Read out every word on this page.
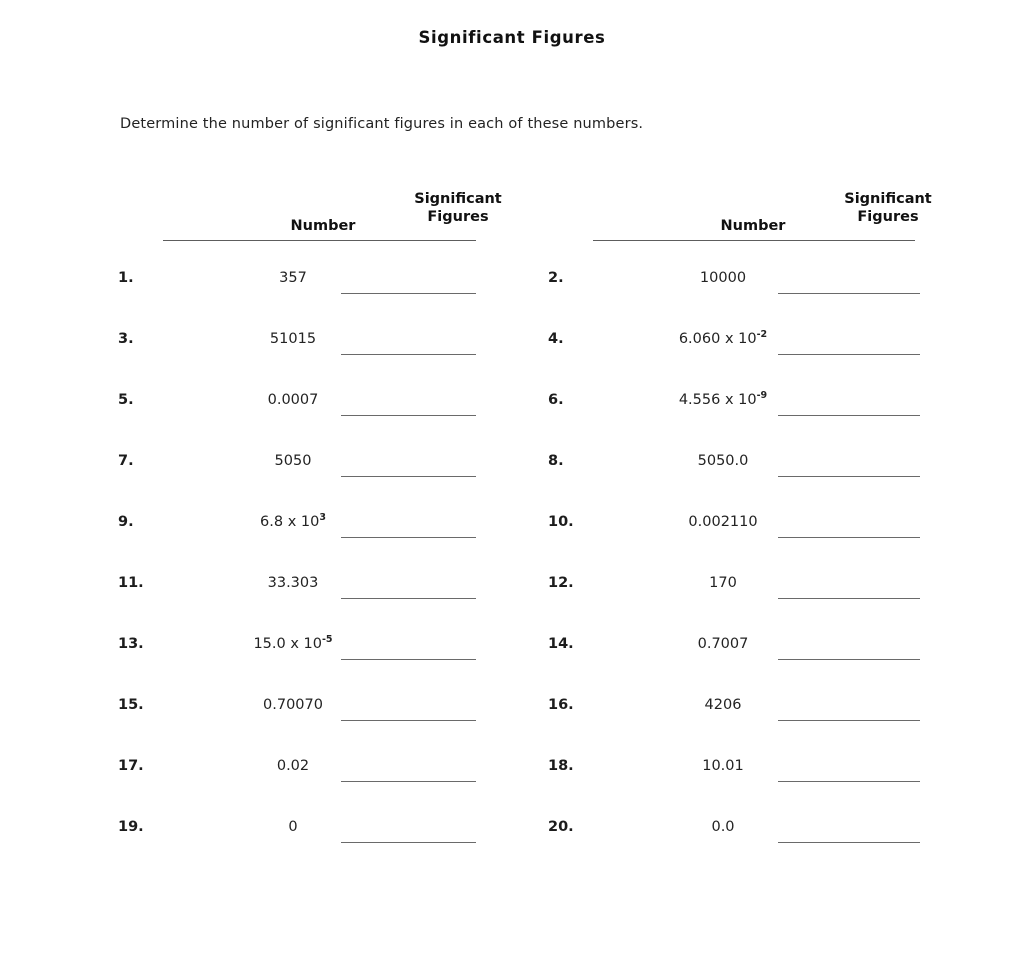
Significant Figures
Determine the number of significant figures in each of these numbers.
Number
Significant
Figures
1.	357
3.	51015
5.	0.0007
7.	5050
9.	6.8 x $10^3$
11.	33.303
13.	15.0 x $10^{-5}$
15.	0.70070
17.	0.02
19.	0
Number
Significant
Figures
2.	10000
4.	6.060 x $10^{-2}$
6.	4.556 x $10^{-9}$
8.	5050.0
10.	0.002110
12.	170
14.	0.7007
16.	4206
18.	10.01
20.	0.0
